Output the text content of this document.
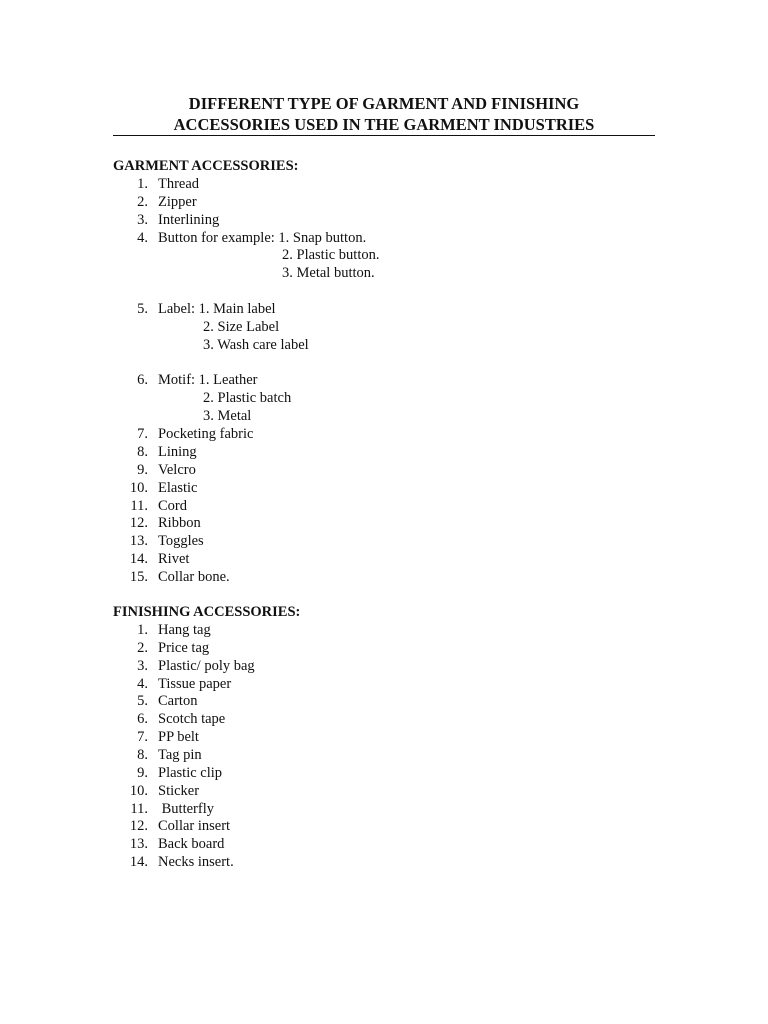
DIFFERENT TYPE OF GARMENT AND FINISHING
ACCESSORIES USED IN THE GARMENT INDUSTRIES
GARMENT ACCESSORIES:
1. Thread
2. Zipper
3. Interlining
4. Button for example: 1. Snap button.
2. Plastic button.
3. Metal button.
5. Label: 1. Main label
2. Size Label
3. Wash care label
6. Motif: 1. Leather
2. Plastic batch
3. Metal
7. Pocketing fabric
8. Lining
9. Velcro
10. Elastic
11. Cord
12. Ribbon
13. Toggles
14. Rivet
15. Collar bone.
FINISHING ACCESSORIES:
1. Hang tag
2. Price tag
3. Plastic/ poly bag
4. Tissue paper
5. Carton
6. Scotch tape
7. PP belt
8. Tag pin
9. Plastic clip
10. Sticker
11. Butterfly
12. Collar insert
13. Back board
14. Necks insert.
